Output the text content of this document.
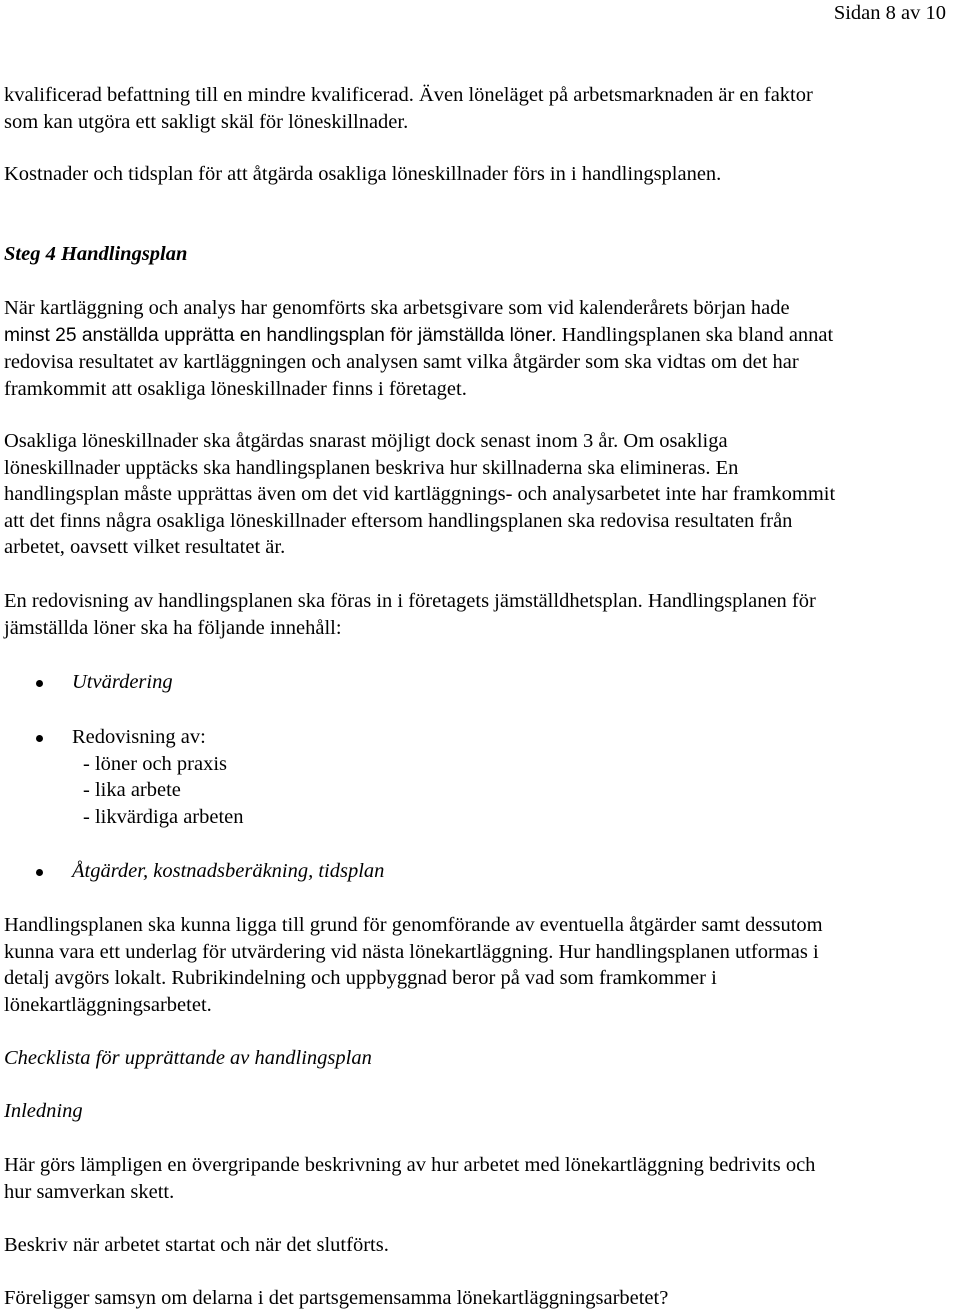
Sidan 8 av 10

kvalificerad befattning till en mindre kvalificerad. Även löneläget på arbetsmarknaden är en faktor
som kan utgöra ett sakligt skäl för löneskillnader.

Kostnader och tidsplan för att åtgärda osakliga löneskillnader förs in i handlingsplanen.

Steg 4 Handlingsplan

När kartläggning och analys har genomförts ska arbetsgivare som vid kalenderårets början hade
minst 25 anställda upprätta en handlingsplan för jämställda löner. Handlingsplanen ska bland annat
redovisa resultatet av kartläggningen och analysen samt vilka åtgärder som ska vidtas om det har
framkommit att osakliga löneskillnader finns i företaget.

Osakliga löneskillnader ska åtgärdas snarast möjligt dock senast inom 3 år. Om osakliga
löneskillnader upptäcks ska handlingsplanen beskriva hur skillnaderna ska elimineras. En
handlingsplan måste upprättas även om det vid kartläggnings- och analysarbetet inte har framkommit
att det finns några osakliga löneskillnader eftersom handlingsplanen ska redovisa resultaten från
arbetet, oavsett vilket resultatet är.

En redovisning av handlingsplanen ska föras in i företagets jämställdhetsplan. Handlingsplanen för
jämställda löner ska ha följande innehåll:

Utvärdering
Redovisning av:
- löner och praxis
- lika arbete
- likvärdiga arbeten
Åtgärder, kostnadsberäkning, tidsplan

Handlingsplanen ska kunna ligga till grund för genomförande av eventuella åtgärder samt dessutom
kunna vara ett underlag för utvärdering vid nästa lönekartläggning. Hur handlingsplanen utformas i
detalj avgörs lokalt. Rubrikindelning och uppbyggnad beror på vad som framkommer i
lönekartläggningsarbetet.

Checklista för upprättande av handlingsplan
Inledning

Här görs lämpligen en övergripande beskrivning av hur arbetet med lönekartläggning bedrivits och
hur samverkan skett.

Beskriv när arbetet startat och när det slutförts.

Föreligger samsyn om delarna i det partsgemensamma lönekartläggningsarbetet?
